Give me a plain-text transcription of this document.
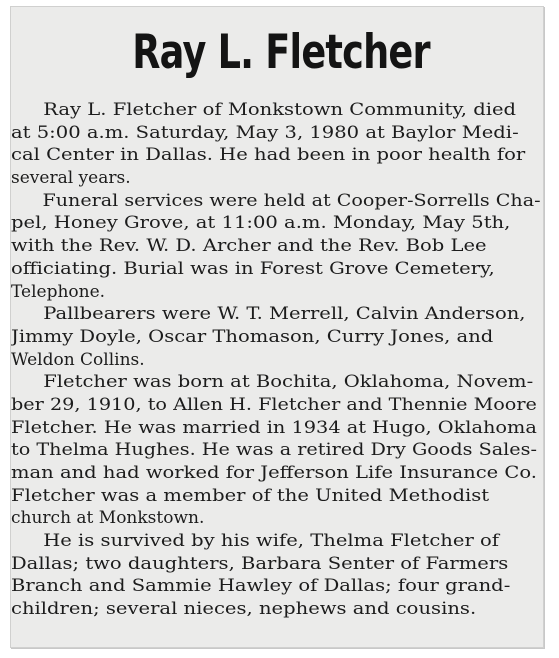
Ray L. Fletcher
Ray L. Fletcher of Monkstown Community, died
at 5:00 a.m. Saturday, May 3, 1980 at Baylor Medi-
cal Center in Dallas. He had been in poor health for
several years.
Funeral services were held at Cooper-Sorrells Cha-
pel, Honey Grove, at 11:00 a.m. Monday, May 5th,
with the Rev. W. D. Archer and the Rev. Bob Lee
officiating. Burial was in Forest Grove Cemetery,
Telephone.
Pallbearers were W. T. Merrell, Calvin Anderson,
Jimmy Doyle, Oscar Thomason, Curry Jones, and
Weldon Collins.
Fletcher was born at Bochita, Oklahoma, Novem-
ber 29, 1910, to Allen H. Fletcher and Thennie Moore
Fletcher. He was married in 1934 at Hugo, Oklahoma
to Thelma Hughes. He was a retired Dry Goods Sales-
man and had worked for Jefferson Life Insurance Co.
Fletcher was a member of the United Methodist
church at Monkstown.
He is survived by his wife, Thelma Fletcher of
Dallas; two daughters, Barbara Senter of Farmers
Branch and Sammie Hawley of Dallas; four grand-
children; several nieces, nephews and cousins.
